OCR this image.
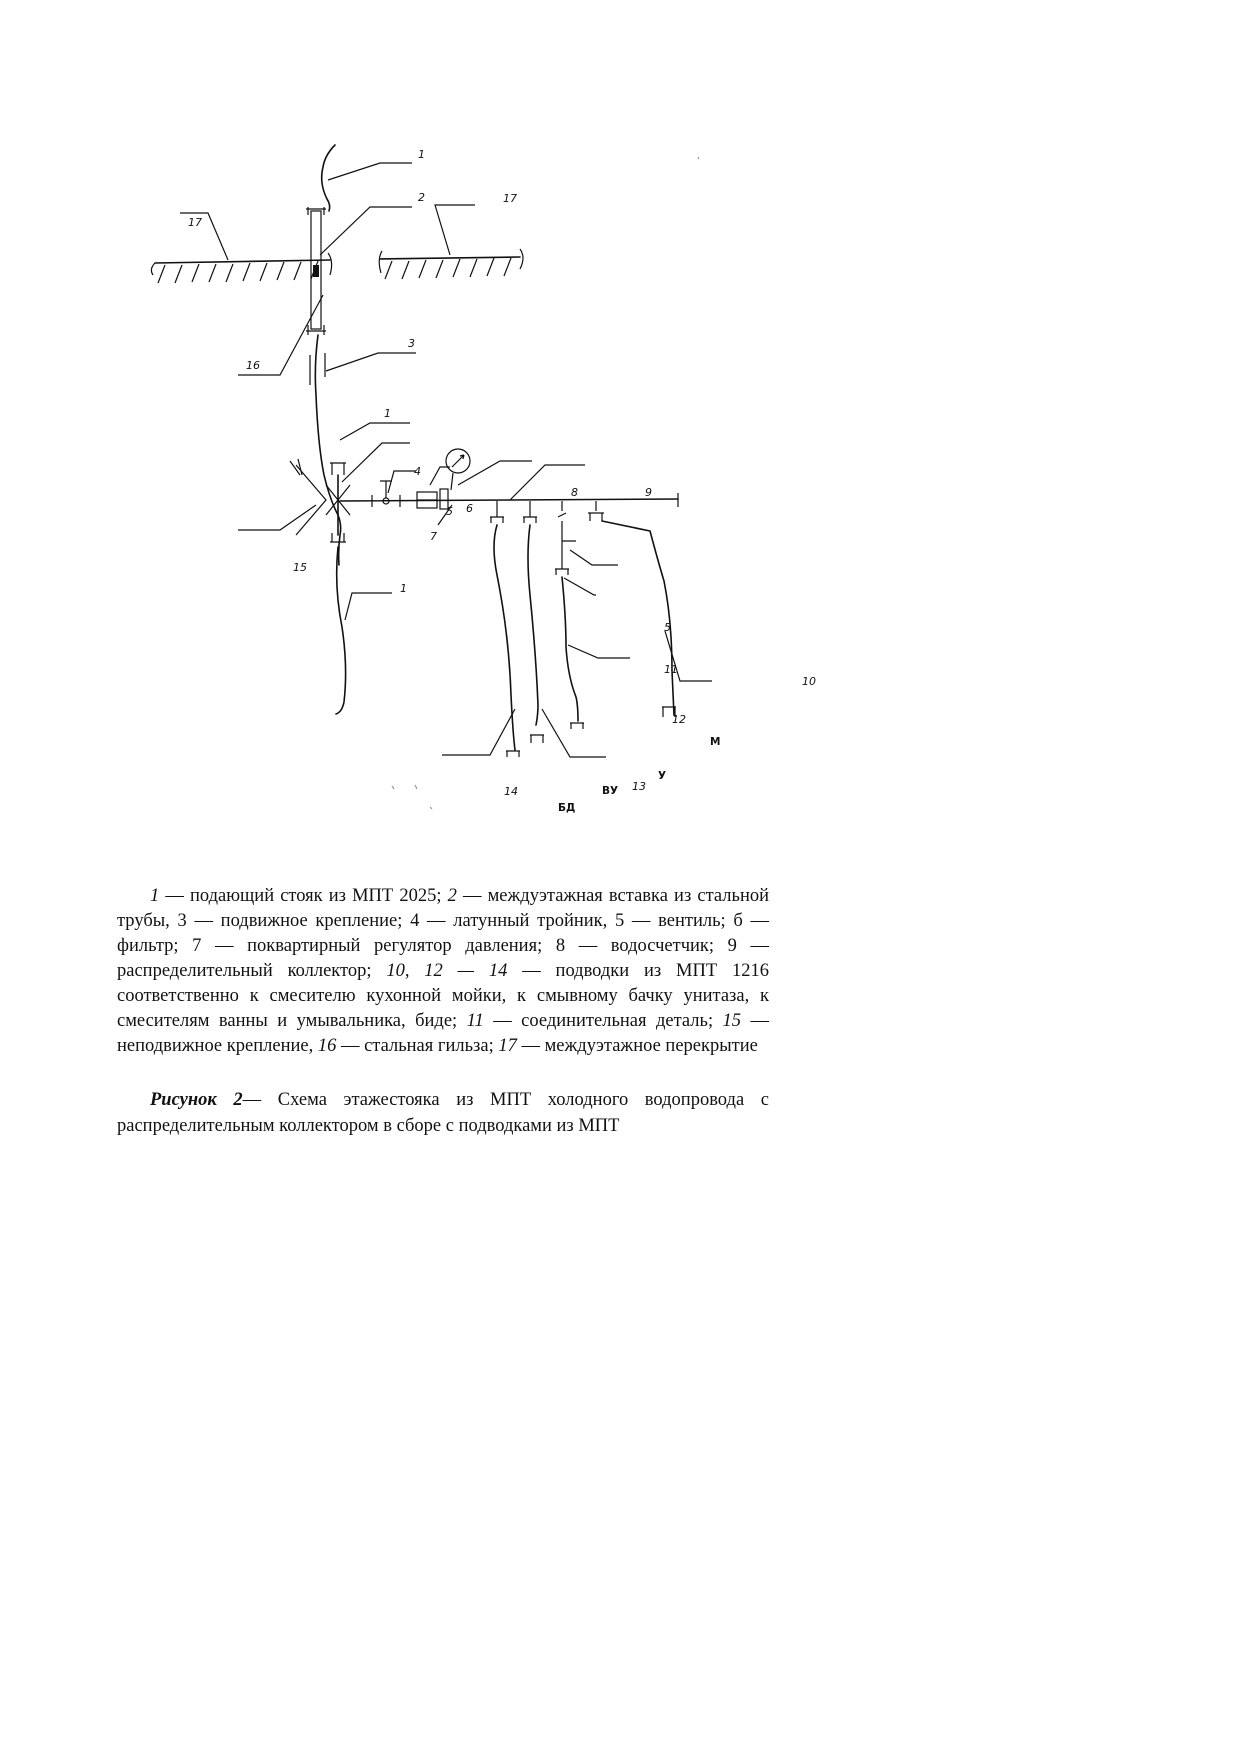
1
2
17
17
16
3
1
4
5 6
7
8	9
15
1
5
11
10
12
13
14
М
У
ВУ
БД

1 — подающий стояк из МПТ 2025; 2 — междуэтажная вставка из стальной трубы, 3 — подвижное крепление; 4 — латунный тройник, 5 — вентиль; б — фильтр; 7 — поквартирный регулятор давления; 8 — водосчетчик; 9 — распределительный коллектор; 10, 12 — 14 — подводки из МПТ 1216 соответственно к смесителю кухонной мойки, к смывному бачку унитаза, к смесителям ванны и умывальника, биде; 11 — соединительная деталь; 15 — неподвижное крепление, 16 — стальная гильза; 17 — междуэтажное перекрытие

Рисунок 2— Схема этажестояка из МПТ холодного водопровода с распределительным коллектором в сборе с подводками из МПТ
